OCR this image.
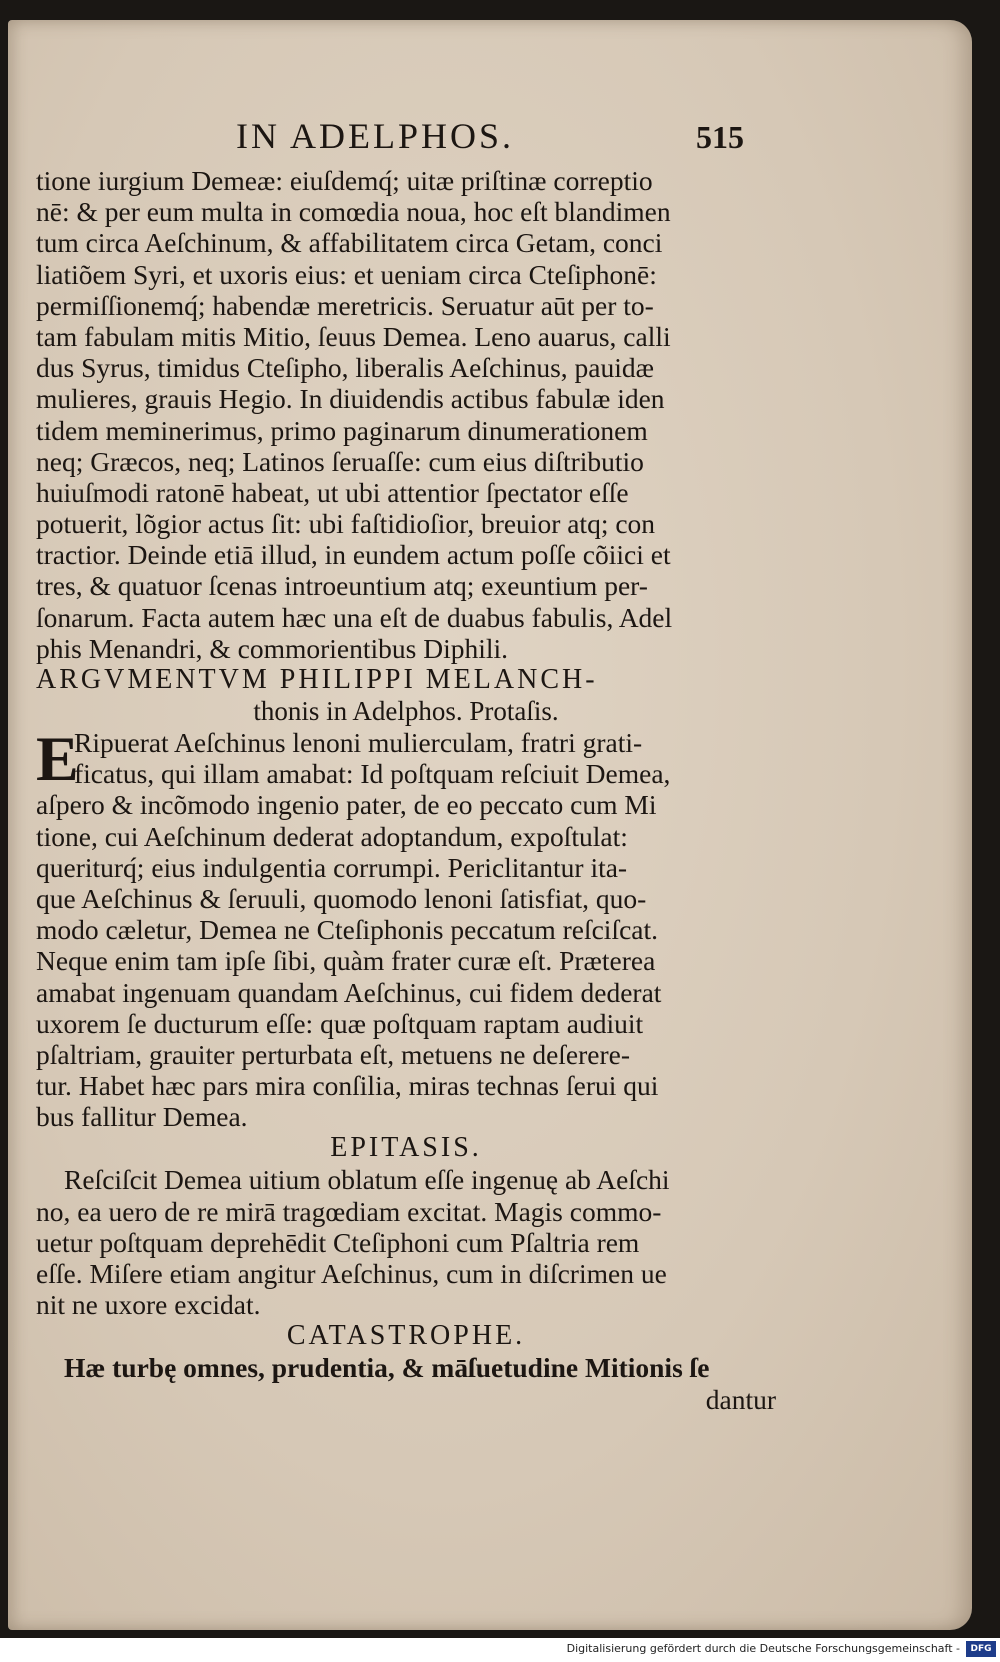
IN ADELPHOS.	515
tione iurgium Demeæ: eiuſdemq́; uitæ priſtinæ correptio
nē: & per eum multa in comœdia noua, hoc eſt blandimen
tum circa Aeſchinum, & affabilitatem circa Getam, conci
liatiõem Syri, et uxoris eius: et ueniam circa Cteſiphonē:
permiſſionemq́; habendæ meretricis. Seruatur aūt per to-
tam fabulam mitis Mitio, ſeuus Demea. Leno auarus, calli
dus Syrus, timidus Cteſipho, liberalis Aeſchinus, pauidæ
mulieres, grauis Hegio. In diuidendis actibus fabulæ iden
tidem meminerimus, primo paginarum dinumerationem
neq; Græcos, neq; Latinos ſeruaſſe: cum eius diſtributio
huiuſmodi ratonē habeat, ut ubi attentior ſpectator eſſe
potuerit, lõgior actus ſit: ubi faſtidioſior, breuior atq; con
tractior. Deinde etiā illud, in eundem actum poſſe cõiici et
tres, & quatuor ſcenas introeuntium atq; exeuntium per-
ſonarum. Facta autem hæc una eſt de duabus fabulis, Adel
phis Menandri, & commorientibus Diphili.
ARGVMENTVM PHILIPPI MELANCH-
thonis in Adelphos. Protaſis.
E
Ripuerat Aeſchinus lenoni mulierculam, fratri grati-
ficatus, qui illam amabat: Id poſtquam reſciuit Demea,
aſpero & incõmodo ingenio pater, de eo peccato cum Mi
tione, cui Aeſchinum dederat adoptandum, expoſtulat:
queriturq́; eius indulgentia corrumpi. Periclitantur ita-
que Aeſchinus & ſeruuli, quomodo lenoni ſatisfiat, quo-
modo cæletur, Demea ne Cteſiphonis peccatum reſciſcat.
Neque enim tam ipſe ſibi, quàm frater curæ eſt. Præterea
amabat ingenuam quandam Aeſchinus, cui fidem dederat
uxorem ſe ducturum eſſe: quæ poſtquam raptam audiuit
pſaltriam, grauiter perturbata eſt, metuens ne deſerere-
tur. Habet hæc pars mira conſilia, miras technas ſerui qui
bus fallitur Demea.
EPITASIS.
Reſciſcit Demea uitium oblatum eſſe ingenuę ab Aeſchi
no, ea uero de re mirā tragœdiam excitat. Magis commo-
uetur poſtquam deprehēdit Cteſiphoni cum Pſaltria rem
eſſe. Miſere etiam angitur Aeſchinus, cum in diſcrimen ue
nit ne uxore excidat.
CATASTROPHE.
Hæ turbę omnes, prudentia, & māſuetudine Mitionis ſe
dantur
Digitalisierung gefördert durch die Deutsche Forschungsgemeinschaft -	DFG
